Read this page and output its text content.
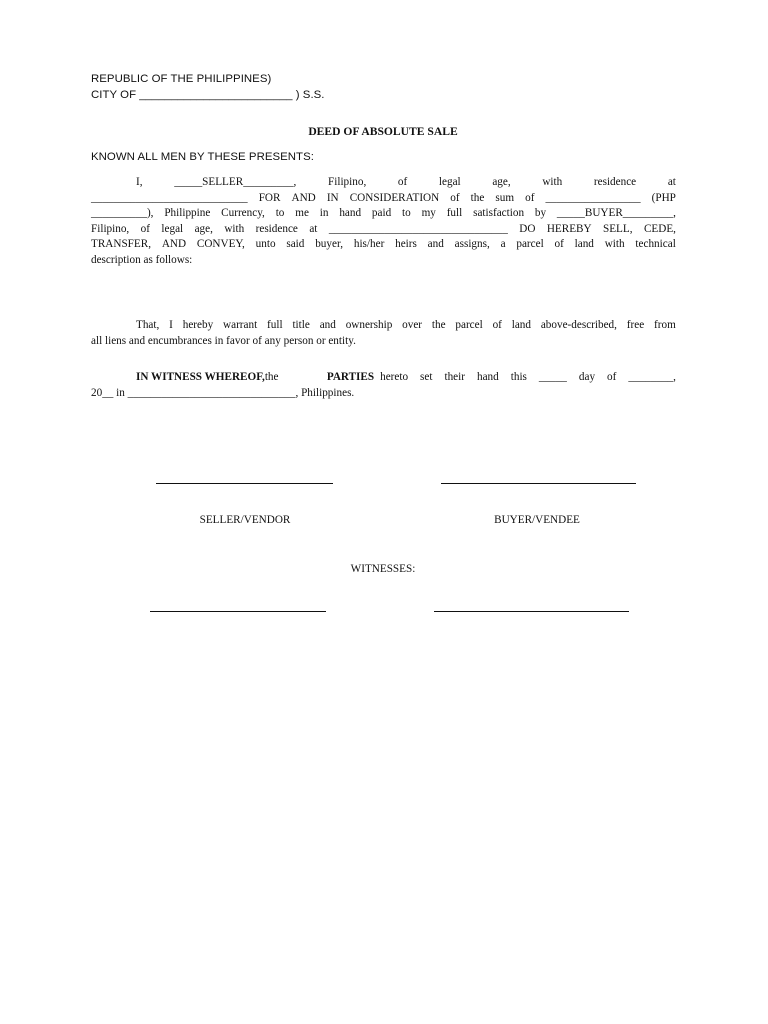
REPUBLIC OF THE PHILIPPINES)
CITY OF ________________________ ) S.S.
DEED OF ABSOLUTE SALE
KNOWN ALL MEN BY THESE PRESENTS:
I,	_____SELLER_________,	Filipino,	of	legal	age,	with	residence	at
____________________________ FOR AND IN CONSIDERATION of the sum of _________________ (PHP
__________), Philippine Currency, to me in hand paid to my full satisfaction by _____BUYER_________,
Filipino, of legal age, with residence at ________________________________ DO HEREBY SELL, CEDE,
TRANSFER, AND CONVEY, unto said buyer, his/her heirs and assigns, a parcel of land with technical
description as follows:
That, I hereby warrant full title and ownership over the parcel of land above-described, free from
all liens and encumbrances in favor of any person or entity.
IN WITNESS WHEREOF, the	PARTIES hereto set their hand this _____ day of ________,
20__ in ______________________________, Philippines.
SELLER/VENDOR	BUYER/VENDEE
WITNESSES:
